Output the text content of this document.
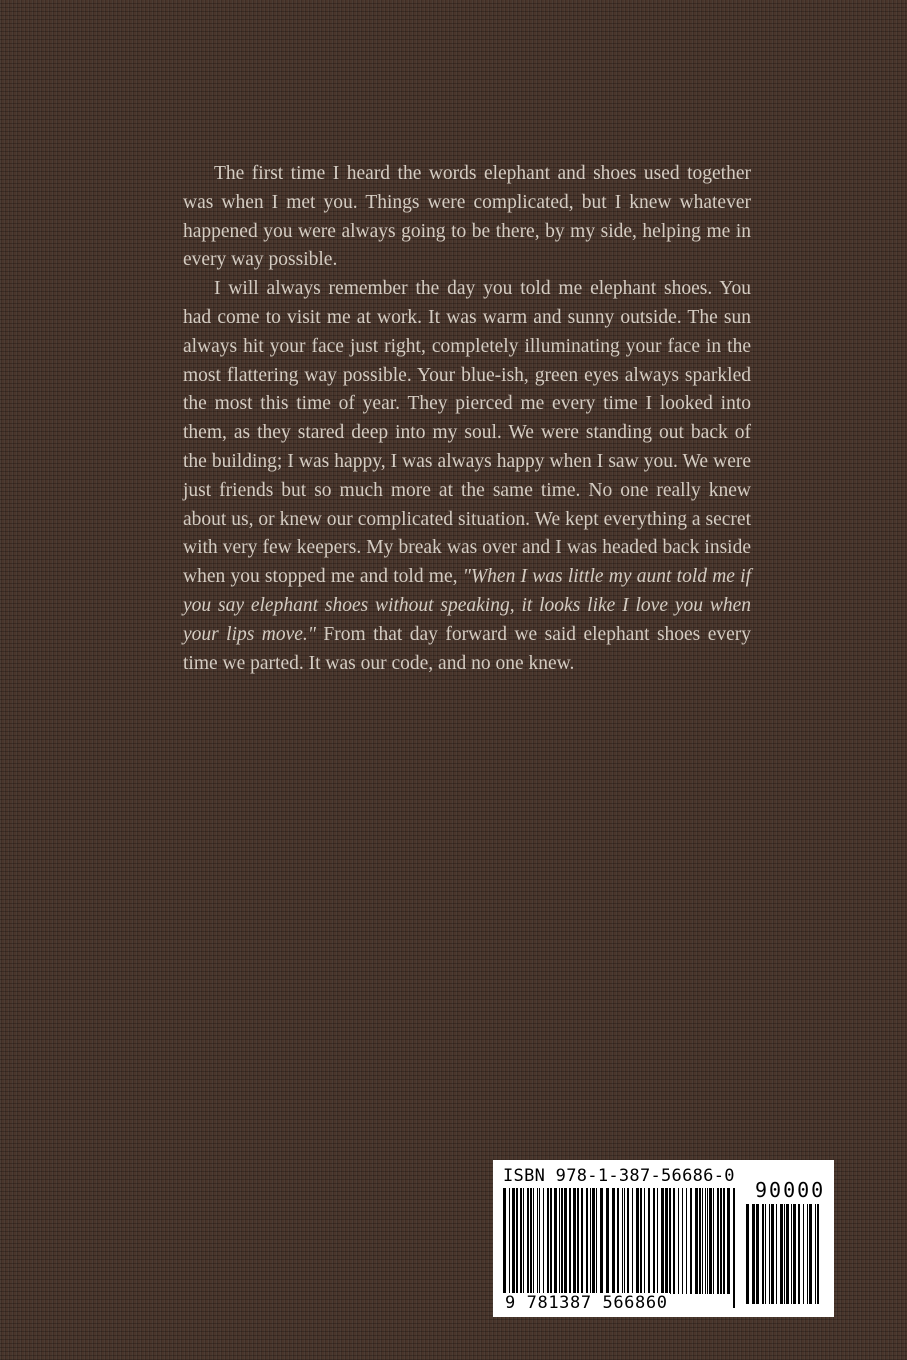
The first time I heard the words elephant and shoes used together was when I met you. Things were complicated, but I knew whatever happened you were always going to be there, by my side, helping me in every way possible.

I will always remember the day you told me elephant shoes. You had come to visit me at work. It was warm and sunny outside. The sun always hit your face just right, completely illuminating your face in the most flattering way possible. Your blue-ish, green eyes always sparkled the most this time of year. They pierced me every time I looked into them, as they stared deep into my soul. We were standing out back of the building; I was happy, I was always happy when I saw you. We were just friends but so much more at the same time. No one really knew about us, or knew our complicated situation. We kept everything a secret with very few keepers. My break was over and I was headed back inside when you stopped me and told me, "When I was little my aunt told me if you say elephant shoes without speaking, it looks like I love you when your lips move." From that day forward we said elephant shoes every time we parted. It was our code, and no one knew.

ISBN 978-1-387-56686-0
90000
9 781387 566860
